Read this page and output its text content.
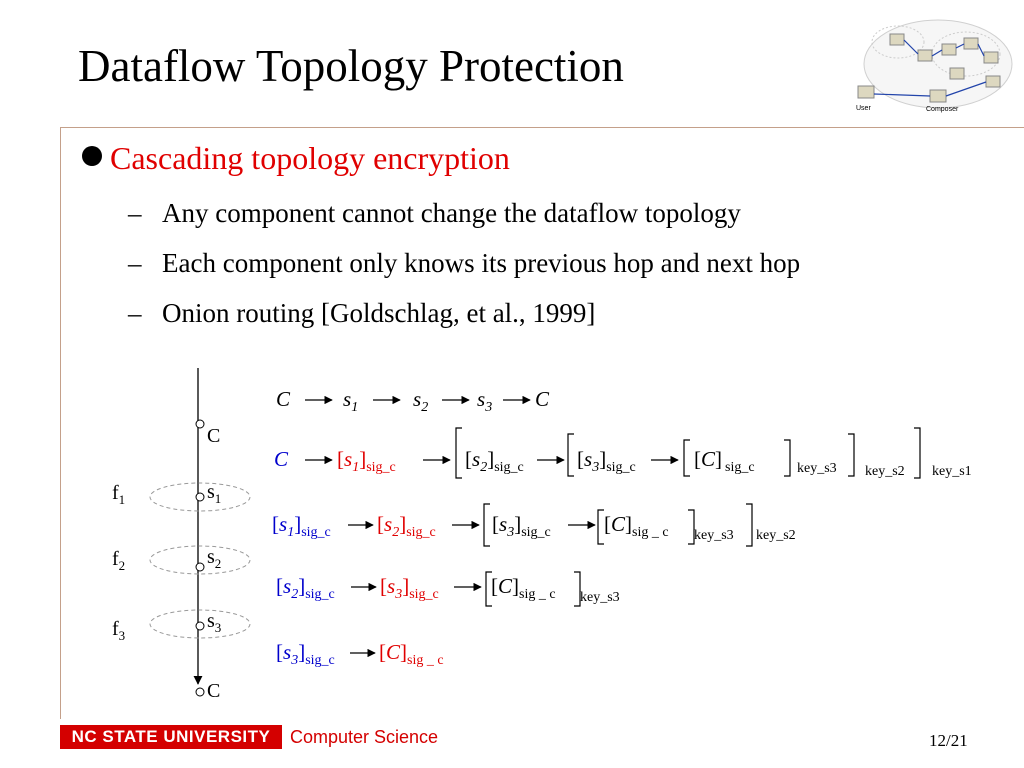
Dataflow Topology Protection
User	Composer
Cascading topology encryption
– Any component cannot change the dataflow topology
– Each component only knows its previous hop and next hop
– Onion routing [Goldschlag, et al., 1999]
C
$s_1$
$s_2$
$s_3$
C
$f_1$
$f_2$
$f_3$
C	$s_1$	$s_2$ $s_3$ C
C $[s_1]_{sig\_c}$	$[s_2]_{sig\_c}$	$[s_3]_{sig\_c}$	[C] $_{sig\_c}$	key_s3 key_s2 key_s1
$[s_1]_{sig\_c}$ $[s_2]_{sig\_c}$	$[s_3]_{sig\_c}$	$[C]_{sig \_ c}$ key_s3 key_s2
$[s_2]_{sig\_c}$ $[s_3]_{sig\_c}$ $[C]_{sig \_ c}$ key_s3
$[s_3]_{sig\_c}$ $[C]_{sig \_ c}$
NC STATE UNIVERSITY	Computer Science	12/21
